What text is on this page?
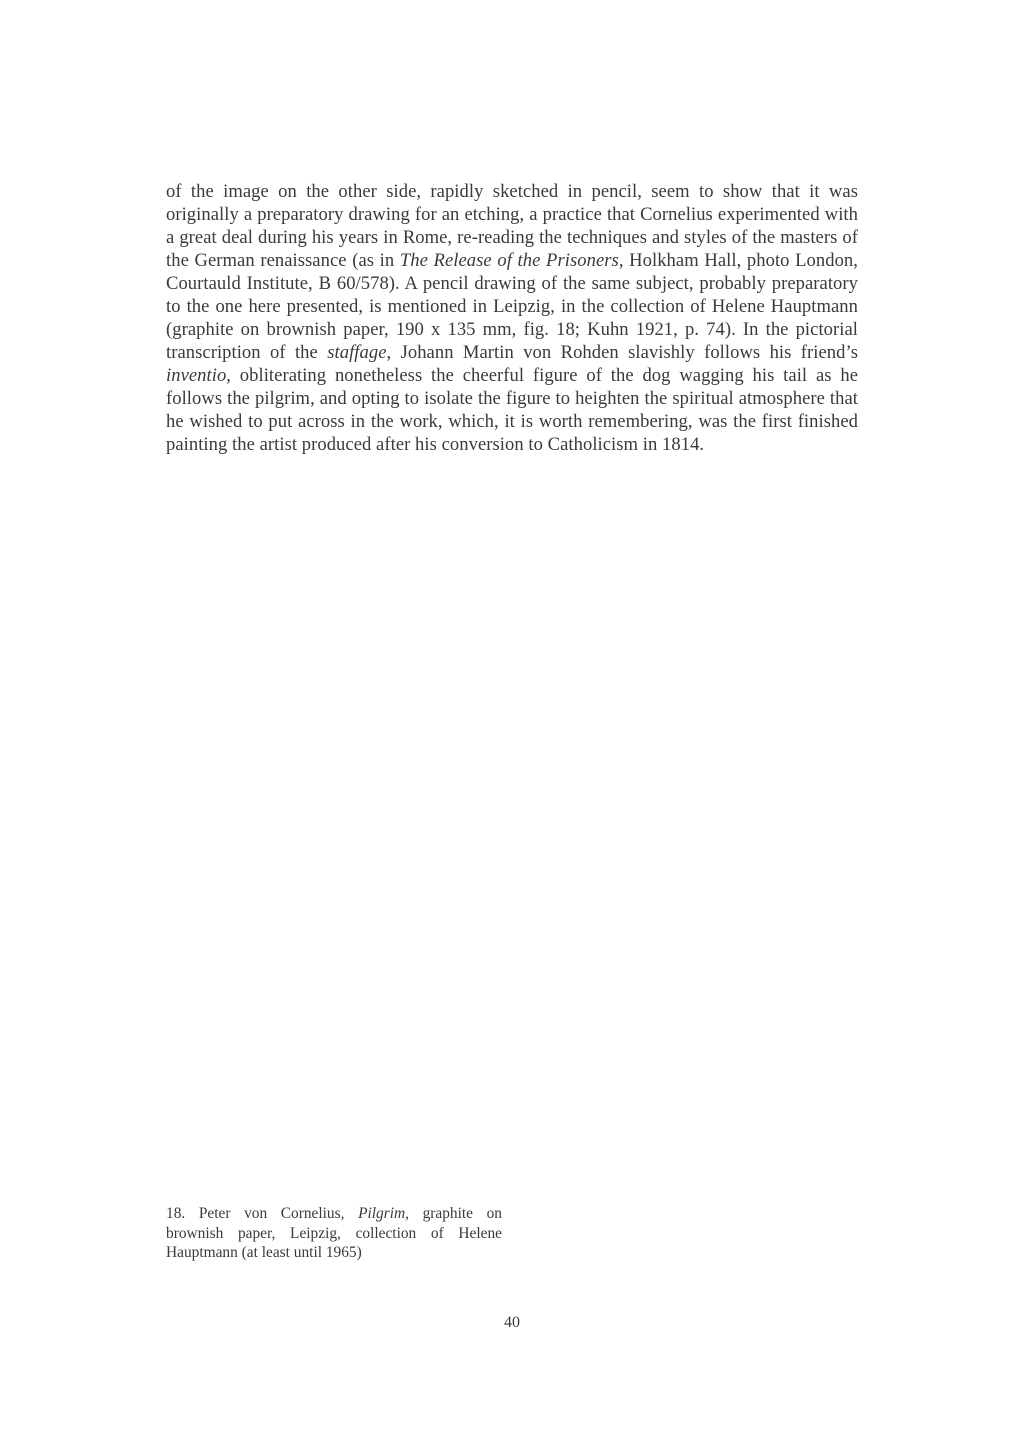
of the image on the other side, rapidly sketched in pencil, seem to show that it was originally a preparatory drawing for an etching, a practice that Cornelius experimented with a great deal during his years in Rome, re-reading the techniques and styles of the masters of the German renaissance (as in The Release of the Prisoners, Holkham Hall, photo London, Courtauld Institute, B 60/578). A pencil drawing of the same subject, probably preparatory to the one here presented, is mentioned in Leipzig, in the collection of Helene Hauptmann (graphite on brownish paper, 190 x 135 mm, fig. 18; Kuhn 1921, p. 74). In the pictorial transcription of the staffage, Johann Martin von Rohden slavishly follows his friend’s inventio, obliterating nonetheless the cheerful figure of the dog wagging his tail as he follows the pilgrim, and opting to isolate the figure to heighten the spiritual atmosphere that he wished to put across in the work, which, it is worth remembering, was the first finished painting the artist produced after his conversion to Catholicism in 1814.

18. Peter von Cornelius, Pilgrim, graphite on brownish paper, Leipzig, collection of Helene Hauptmann (at least until 1965)

40
